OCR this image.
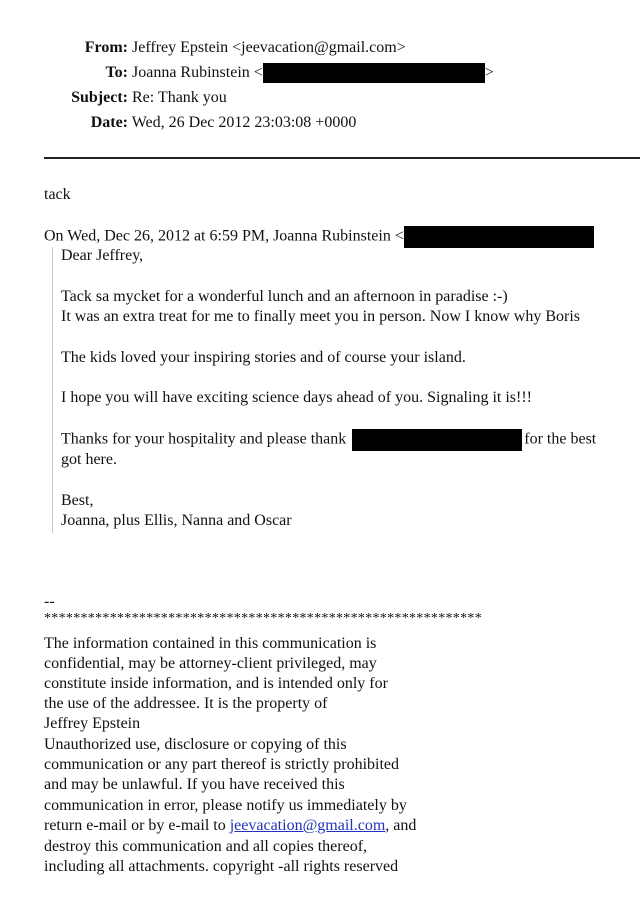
From: Jeffrey Epstein <jeevacation@gmail.com>
To: Joanna Rubinstein <	>
Subject: Re: Thank you
Date: Wed, 26 Dec 2012 23:03:08 +0000
tack
On Wed, Dec 26, 2012 at 6:59 PM, Joanna Rubinstein <
Dear Jeffrey,
Tack sa mycket for a wonderful lunch and an afternoon in paradise :-)
It was an extra treat for me to finally meet you in person. Now I know why Boris
The kids loved your inspiring stories and of course your island.
I hope you will have exciting science days ahead of you. Signaling it is!!!
Thanks for your hospitality and please thank	for the best
got here.
Best,
Joanna, plus Ellis, Nanna and Oscar
--
************************************************************
The information contained in this communication is
confidential, may be attorney-client privileged, may
constitute inside information, and is intended only for
the use of the addressee. It is the property of
Jeffrey Epstein
Unauthorized use, disclosure or copying of this
communication or any part thereof is strictly prohibited
and may be unlawful. If you have received this
communication in error, please notify us immediately by
return e-mail or by e-mail to jeevacation@gmail.com, and
destroy this communication and all copies thereof,
including all attachments. copyright -all rights reserved
